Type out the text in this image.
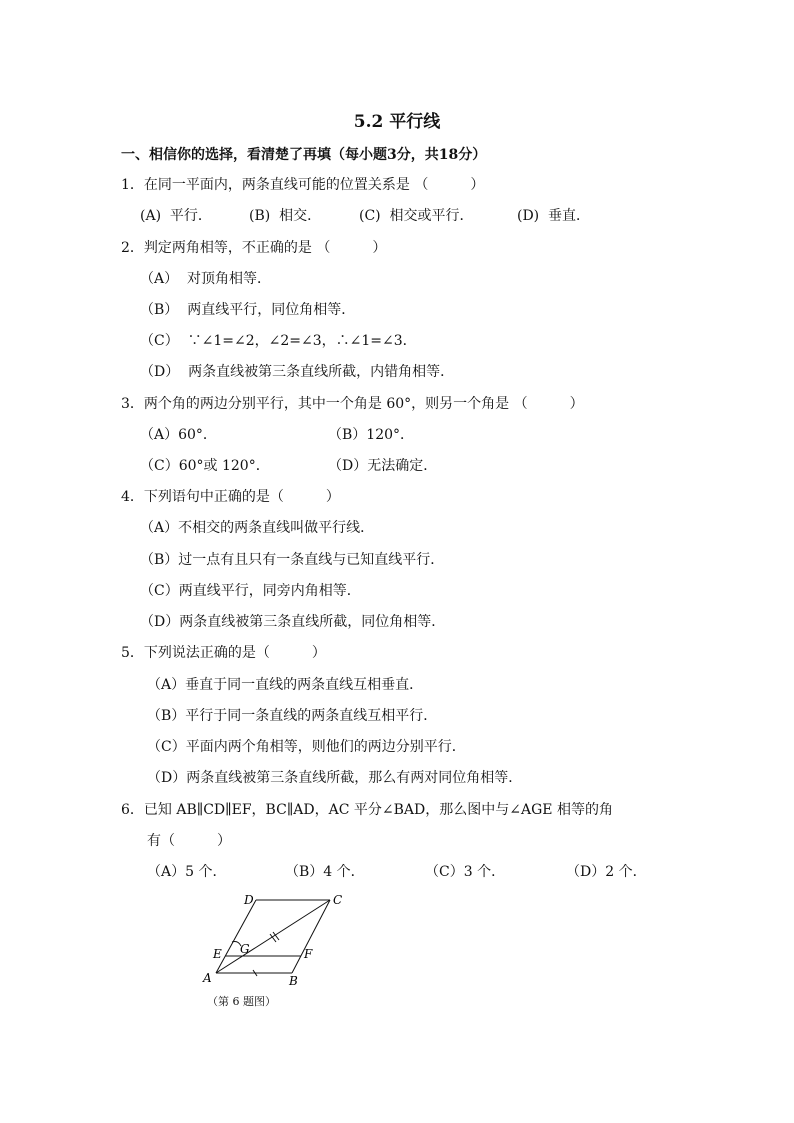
5.2 平行线
一、相信你的选择，看清楚了再填（每小题3分，共18分）
1．在同一平面内，两条直线可能的位置关系是 （　　　）
(A)  平行．	(B)  相交．	(C)  相交或平行．	(D)  垂直．
2．判定两角相等，不正确的是 （　　　）
（A）  对顶角相等．
（B）  两直线平行，同位角相等．
（C）  ∵∠1=∠2，∠2=∠3，∴∠1=∠3．
（D）  两条直线被第三条直线所截，内错角相等．
3．两个角的两边分别平行，其中一个角是 60°，则另一个角是 （　　　）
（A）60°．	（B）120°．
（C）60°或 120°．	（D）无法确定．
4．下列语句中正确的是（　　　）
（A）不相交的两条直线叫做平行线．
（B）过一点有且只有一条直线与已知直线平行．
（C）两直线平行，同旁内角相等．
（D）两条直线被第三条直线所截，同位角相等．
5．下列说法正确的是（　　　）
（A）垂直于同一直线的两条直线互相垂直．
（B）平行于同一条直线的两条直线互相平行．
（C）平面内两个角相等，则他们的两边分别平行．
（D）两条直线被第三条直线所截，那么有两对同位角相等．
6．已知 AB∥CD∥EF，BC∥AD，AC 平分∠BAD，那么图中与∠AGE 相等的角
有（　　　）
（A）5 个．	（B）4 个．	（C）3 个．	（D）2 个．
D	C
E G	F
A	B
（第 6 题图）
